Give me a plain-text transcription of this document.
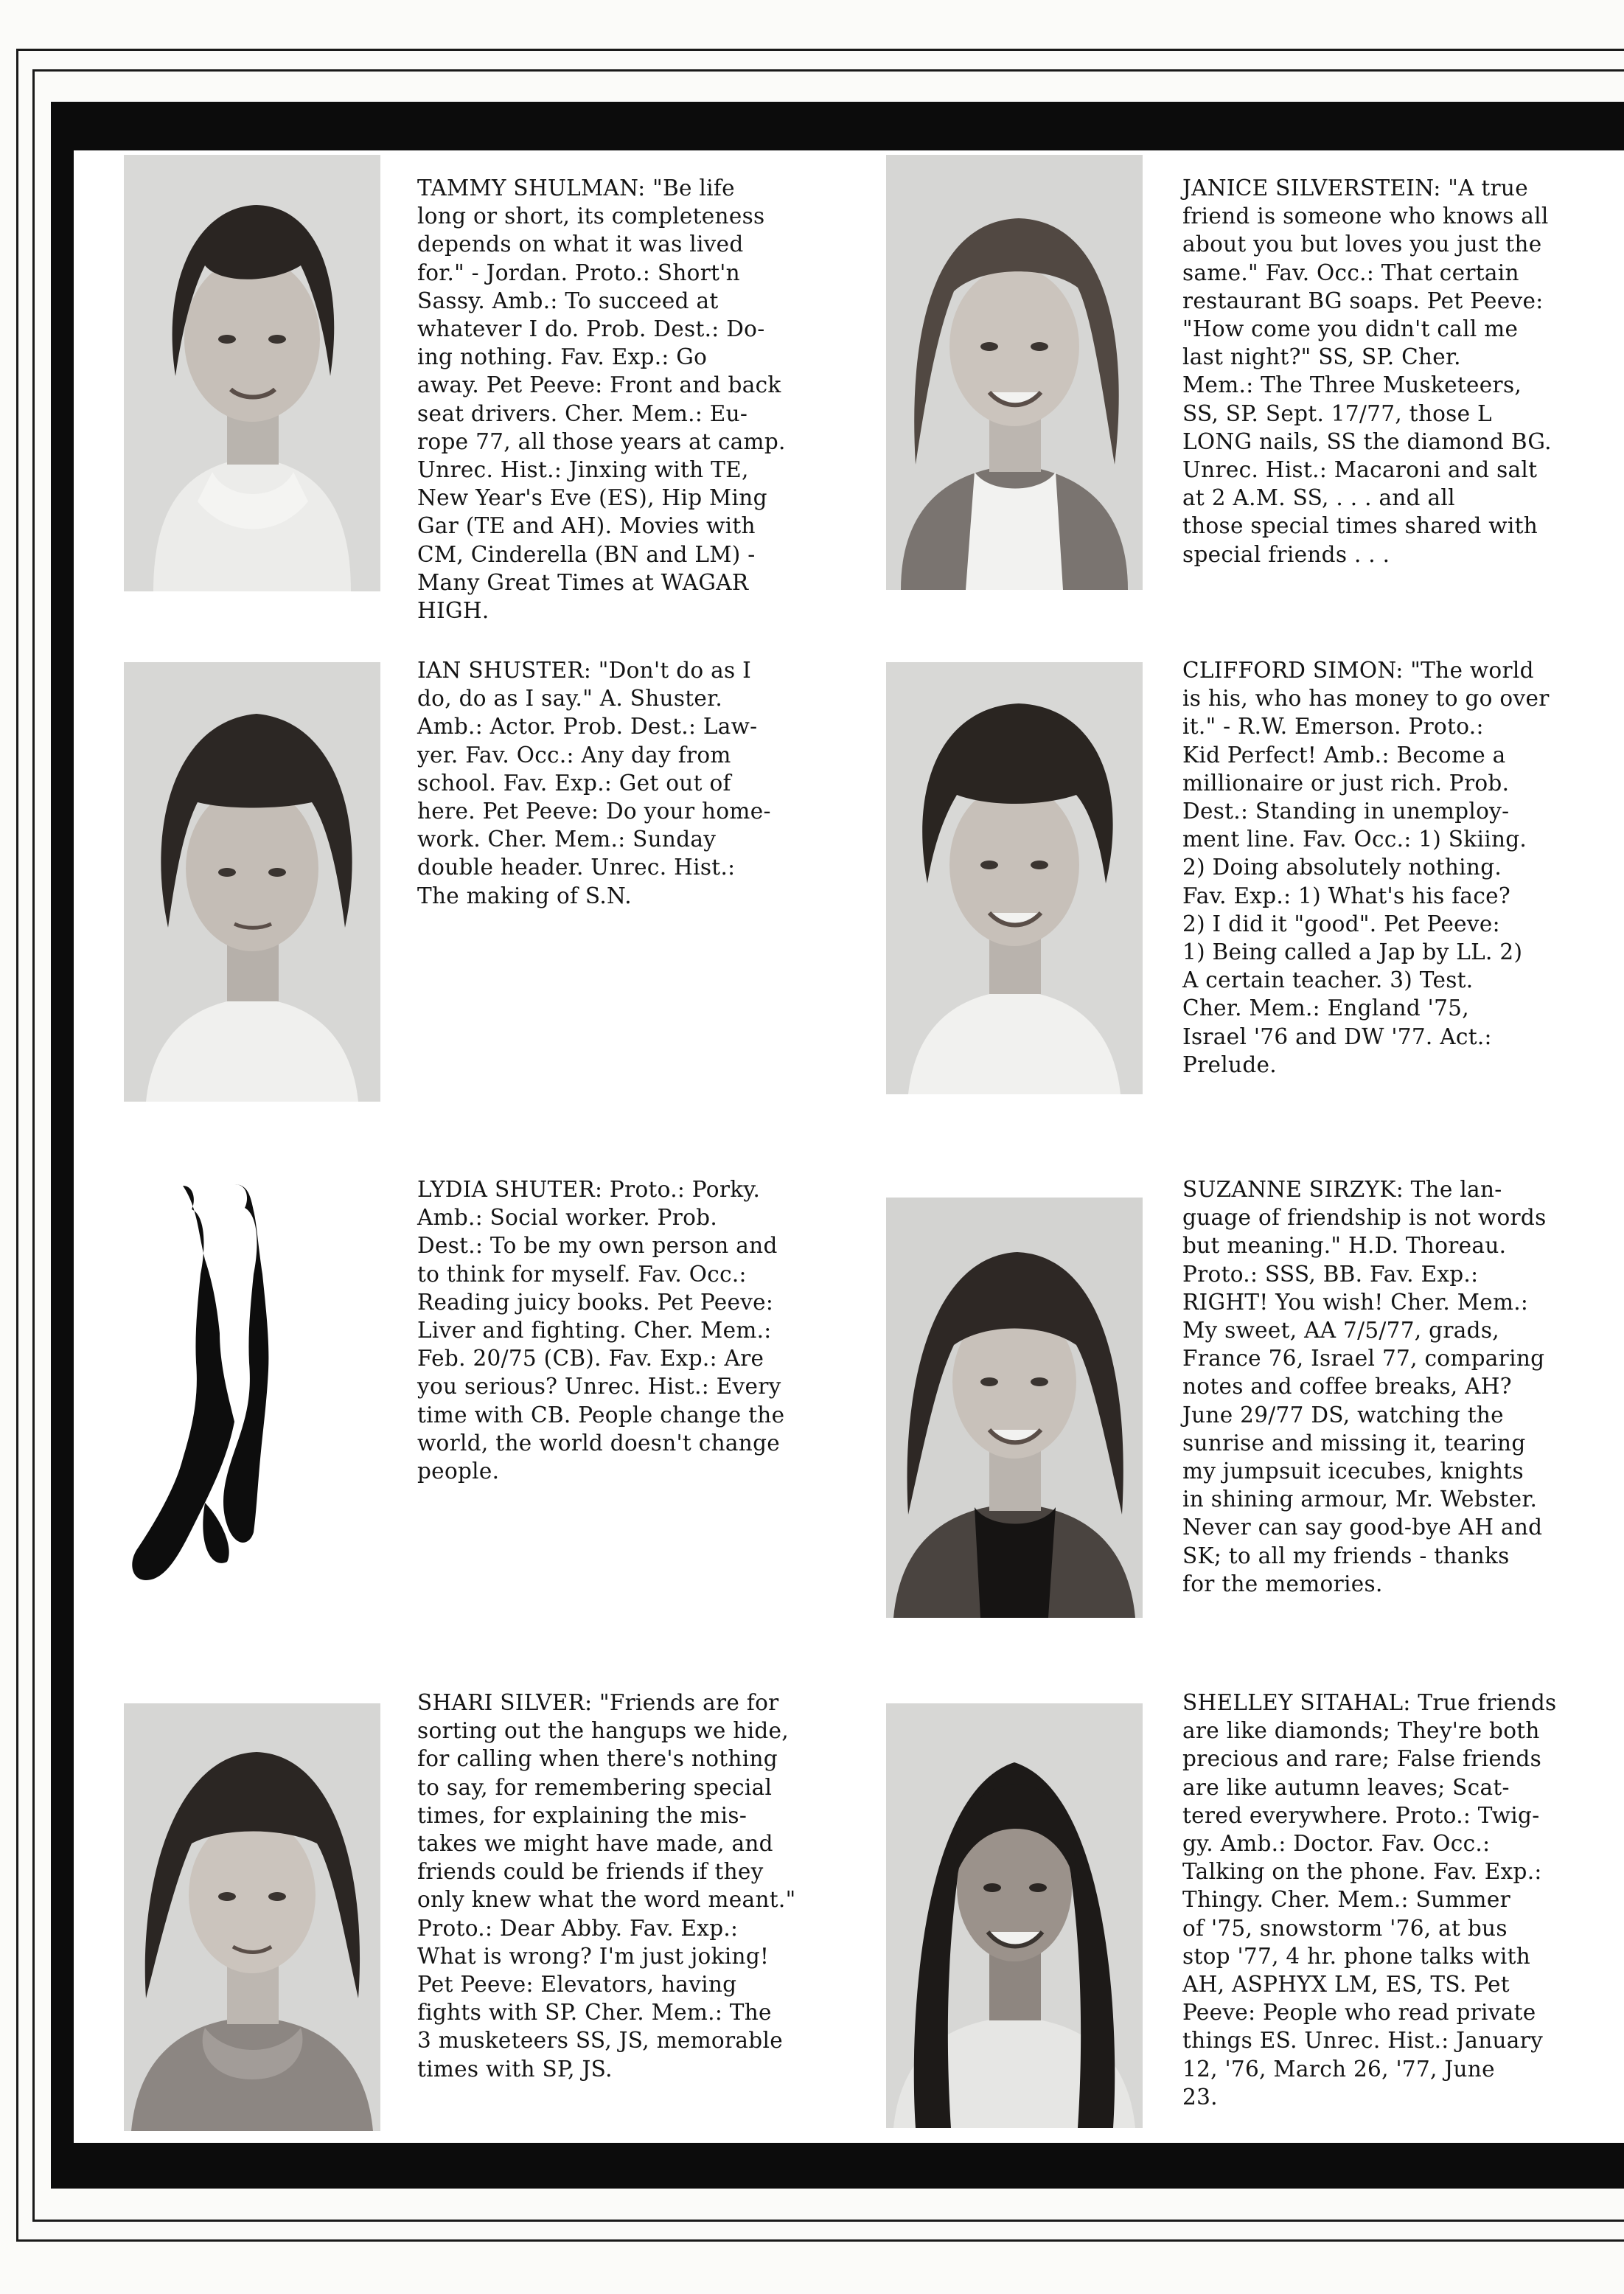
TAMMY SHULMAN: "Be life
long or short, its completeness
depends on what it was lived
for." - Jordan. Proto.: Short'n
Sassy. Amb.: To succeed at
whatever I do. Prob. Dest.: Do-
ing nothing. Fav. Exp.: Go
away. Pet Peeve: Front and back
seat drivers. Cher. Mem.: Eu-
rope 77, all those years at camp.
Unrec. Hist.: Jinxing with TE,
New Year's Eve (ES), Hip Ming
Gar (TE and AH). Movies with
CM, Cinderella (BN and LM) -
Many Great Times at WAGAR
HIGH.
JANICE SILVERSTEIN: "A true
friend is someone who knows all
about you but loves you just the
same." Fav. Occ.: That certain
restaurant BG soaps. Pet Peeve:
"How come you didn't call me
last night?" SS, SP. Cher.
Mem.: The Three Musketeers,
SS, SP. Sept. 17/77, those L
LONG nails, SS the diamond BG.
Unrec. Hist.: Macaroni and salt
at 2 A.M. SS, . . . and all
those special times shared with
special friends . . .
IAN SHUSTER: "Don't do as I
do, do as I say." A. Shuster.
Amb.: Actor. Prob. Dest.: Law-
yer. Fav. Occ.: Any day from
school. Fav. Exp.: Get out of
here. Pet Peeve: Do your home-
work. Cher. Mem.: Sunday
double header. Unrec. Hist.:
The making of S.N.
CLIFFORD SIMON: "The world
is his, who has money to go over
it." - R.W. Emerson. Proto.:
Kid Perfect! Amb.: Become a
millionaire or just rich. Prob.
Dest.: Standing in unemploy-
ment line. Fav. Occ.: 1) Skiing.
2) Doing absolutely nothing.
Fav. Exp.: 1) What's his face?
2) I did it "good". Pet Peeve:
1) Being called a Jap by LL. 2)
A certain teacher. 3) Test.
Cher. Mem.: England '75,
Israel '76 and DW '77. Act.:
Prelude.
LYDIA SHUTER: Proto.: Porky.
Amb.: Social worker. Prob.
Dest.: To be my own person and
to think for myself. Fav. Occ.:
Reading juicy books. Pet Peeve:
Liver and fighting. Cher. Mem.:
Feb. 20/75 (CB). Fav. Exp.: Are
you serious? Unrec. Hist.: Every
time with CB. People change the
world, the world doesn't change
people.
SUZANNE SIRZYK: The lan-
guage of friendship is not words
but meaning." H.D. Thoreau.
Proto.: SSS, BB. Fav. Exp.:
RIGHT! You wish! Cher. Mem.:
My sweet, AA 7/5/77, grads,
France 76, Israel 77, comparing
notes and coffee breaks, AH?
June 29/77 DS, watching the
sunrise and missing it, tearing
my jumpsuit icecubes, knights
in shining armour, Mr. Webster.
Never can say good-bye AH and
SK; to all my friends - thanks
for the memories.
SHARI SILVER: "Friends are for
sorting out the hangups we hide,
for calling when there's nothing
to say, for remembering special
times, for explaining the mis-
takes we might have made, and
friends could be friends if they
only knew what the word meant."
Proto.: Dear Abby. Fav. Exp.:
What is wrong? I'm just joking!
Pet Peeve: Elevators, having
fights with SP. Cher. Mem.: The
3 musketeers SS, JS, memorable
times with SP, JS.
SHELLEY SITAHAL: True friends
are like diamonds; They're both
precious and rare; False friends
are like autumn leaves; Scat-
tered everywhere. Proto.: Twig-
gy. Amb.: Doctor. Fav. Occ.:
Talking on the phone. Fav. Exp.:
Thingy. Cher. Mem.: Summer
of '75, snowstorm '76, at bus
stop '77, 4 hr. phone talks with
AH, ASPHYX LM, ES, TS. Pet
Peeve: People who read private
things ES. Unrec. Hist.: January
12, '76, March 26, '77, June
23.
